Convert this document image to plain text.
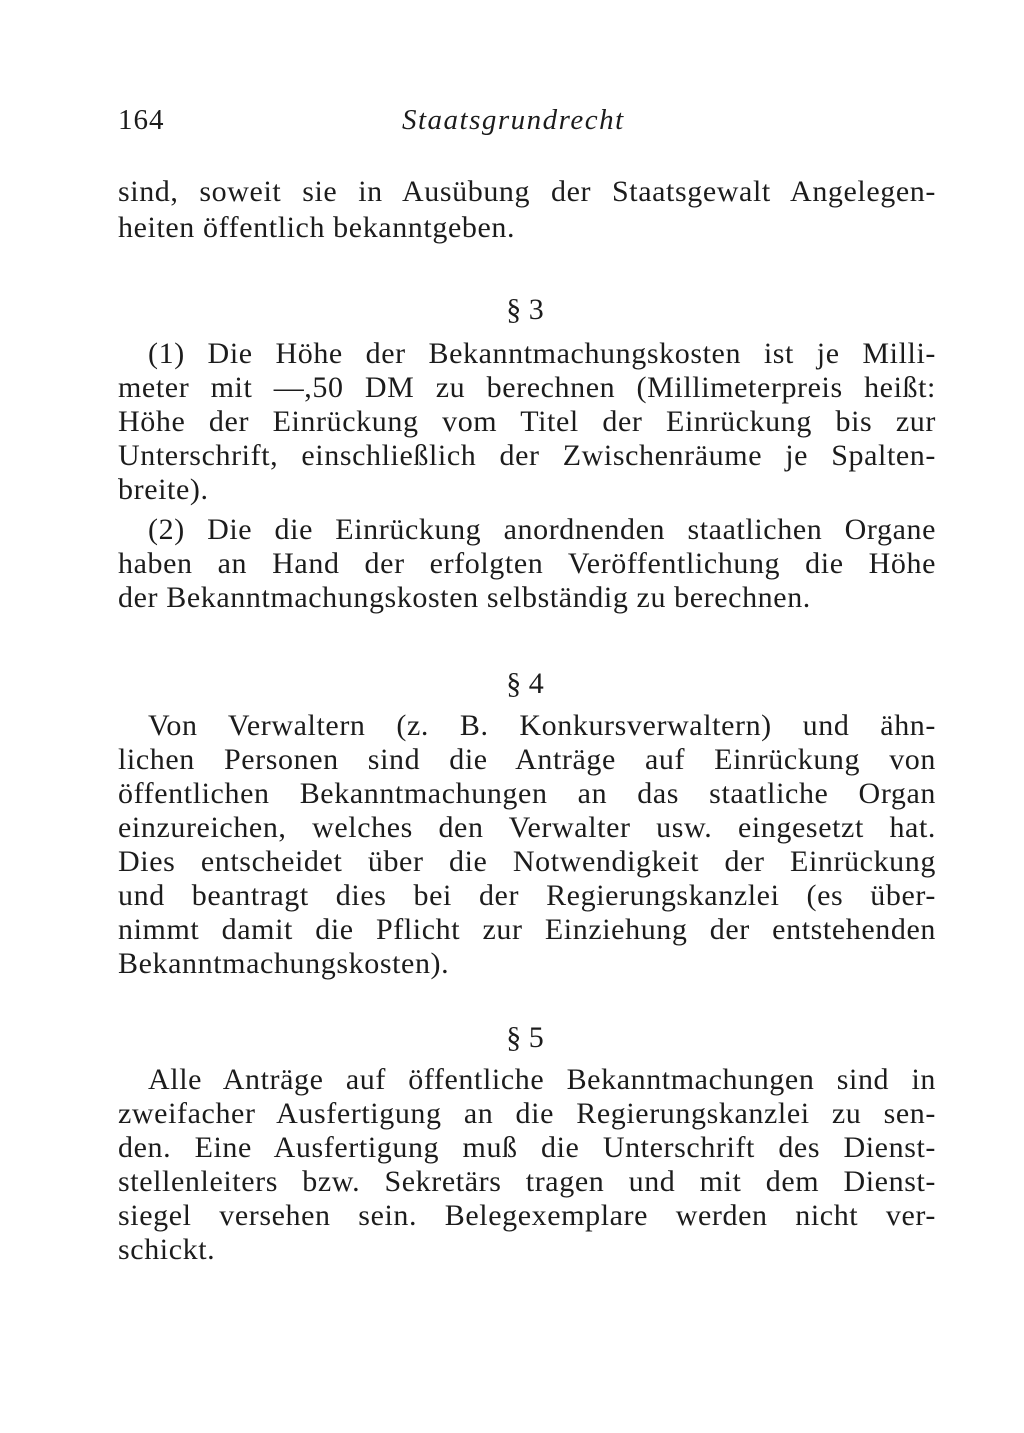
164	Staatsgrundrecht
sind, soweit sie in Ausübung der Staatsgewalt Angelegen-
heiten öffentlich bekanntgeben.
§ 3
(1) Die Höhe der Bekanntmachungskosten ist je Milli-
meter mit —,50 DM zu berechnen (Millimeterpreis heißt:
Höhe der Einrückung vom Titel der Einrückung bis zur
Unterschrift, einschließlich der Zwischenräume je Spalten-
breite).
(2) Die die Einrückung anordnenden staatlichen Organe
haben an Hand der erfolgten Veröffentlichung die Höhe
der Bekanntmachungskosten selbständig zu berechnen.
§ 4
Von Verwaltern (z. B. Konkursverwaltern) und ähn-
lichen Personen sind die Anträge auf Einrückung von
öffentlichen Bekanntmachungen an das staatliche Organ
einzureichen, welches den Verwalter usw. eingesetzt hat.
Dies entscheidet über die Notwendigkeit der Einrückung
und beantragt dies bei der Regierungskanzlei (es über-
nimmt damit die Pflicht zur Einziehung der entstehenden
Bekanntmachungskosten).
§ 5
Alle Anträge auf öffentliche Bekanntmachungen sind in
zweifacher Ausfertigung an die Regierungskanzlei zu sen-
den. Eine Ausfertigung muß die Unterschrift des Dienst-
stellenleiters bzw. Sekretärs tragen und mit dem Dienst-
siegel versehen sein. Belegexemplare werden nicht ver-
schickt.
